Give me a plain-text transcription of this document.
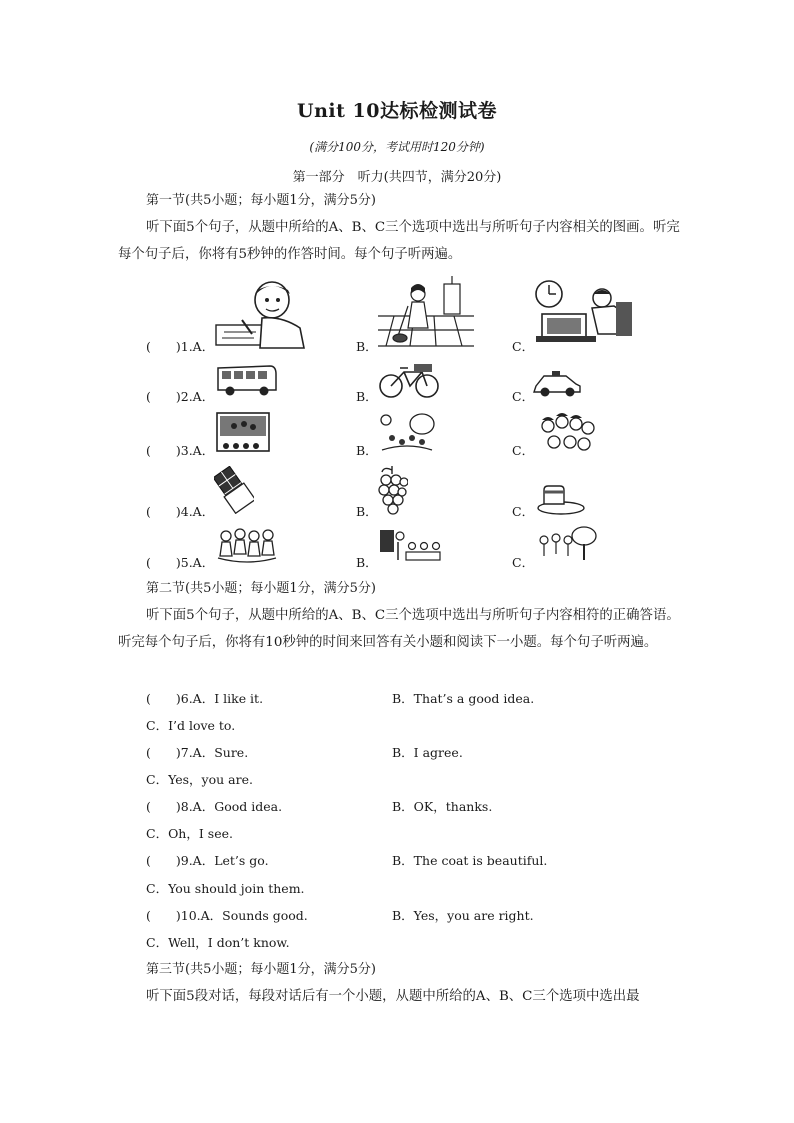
Unit 10达标检测试卷
(满分100分，考试用时120分钟)
第一部分　听力(共四节，满分20分)
第一节(共5小题；每小题1分，满分5分)
听下面5个句子，从题中所给的A、B、C三个选项中选出与所听句子内容相关的图画。听完每个句子后，你将有5秒钟的作答时间。每个句子听两遍。
(　　)1.A．	B．	C．
(　　)2.A．	B．	C．
(　　)3.A．	B．	C．
(　　)4.A．	B．	C．
(　　)5.A．	B．	C．
第二节(共5小题；每小题1分，满分5分)
听下面5个句子，从题中所给的A、B、C三个选项中选出与所听句子内容相符的正确答语。听完每个句子后，你将有10秒钟的时间来回答有关小题和阅读下一小题。每个句子听两遍。
(　　)6.A．I like it.	B．That’s a good idea.
C．I’d love to.
(　　)7.A．Sure.	B．I agree.
C．Yes，you are.
(　　)8.A．Good idea.	B．OK，thanks.
C．Oh，I see.
(　　)9.A．Let’s go.	B．The coat is beautiful.
C．You should join them.
(　　)10.A．Sounds good.	B．Yes，you are right.
C．Well，I don’t know.
第三节(共5小题；每小题1分，满分5分)
听下面5段对话，每段对话后有一个小题，从题中所给的A、B、C三个选项中选出最
